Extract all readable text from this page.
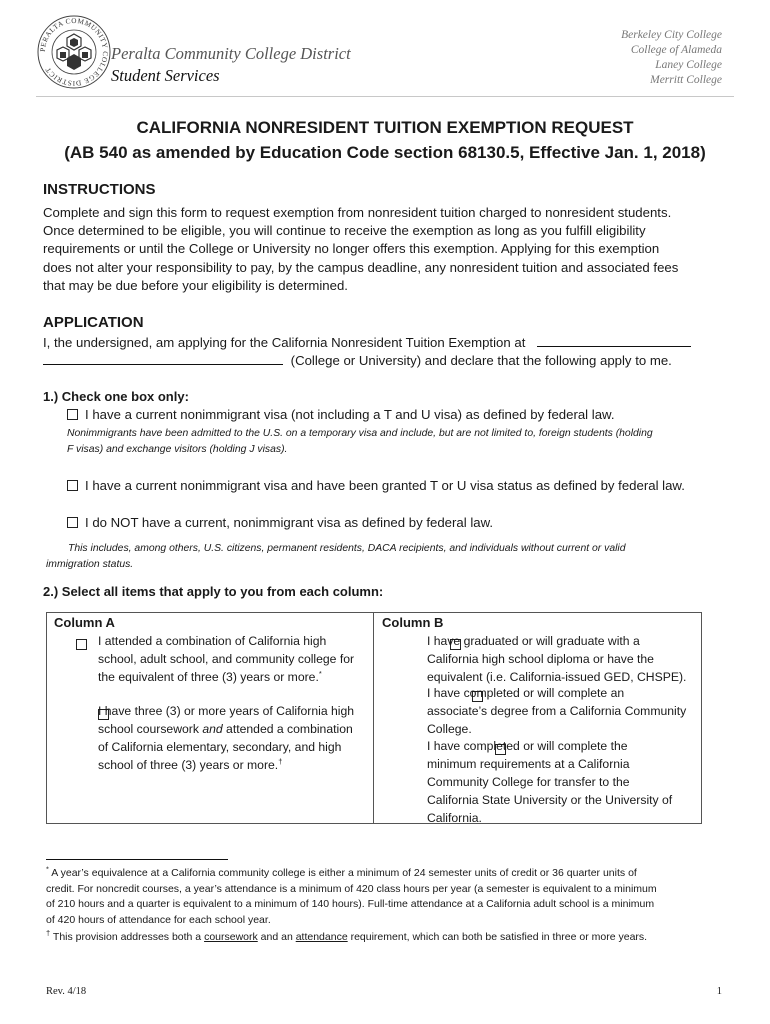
PERALTA COMMUNITY COLLEGE DISTRICT
Peralta Community College District
Student Services
Berkeley City College
College of Alameda
Laney College
Merritt College
CALIFORNIA NONRESIDENT TUITION EXEMPTION REQUEST
(AB 540 as amended by Education Code section 68130.5, Effective Jan. 1, 2018)
INSTRUCTIONS
Complete and sign this form to request exemption from nonresident tuition charged to nonresident students.
Once determined to be eligible, you will continue to receive the exemption as long as you fulfill eligibility
requirements or until the College or University no longer offers this exemption. Applying for this exemption
does not alter your responsibility to pay, by the campus deadline, any nonresident tuition and associated fees
that may be due before your eligibility is determined.
APPLICATION
I, the undersigned, am applying for the California Nonresident Tuition Exemption at
(College or University) and declare that the following apply to me.
1.) Check one box only:
I have a current nonimmigrant visa (not including a T and U visa) as defined by federal law.
Nonimmigrants have been admitted to the U.S. on a temporary visa and include, but are not limited to, foreign students (holding
F visas) and exchange visitors (holding J visas).
I have a current nonimmigrant visa and have been granted T or U visa status as defined by federal law.
I do NOT have a current, nonimmigrant visa as defined by federal law.
This includes, among others, U.S. citizens, permanent residents, DACA recipients, and individuals without current or valid
immigration status.
2.) Select all items that apply to you from each column:
Column A

I attended a combination of California high
school, adult school, and community college for
the equivalent of three (3) years or more.*

I have three (3) or more years of California high
school coursework and attended a combination
of California elementary, secondary, and high
school of three (3) years or more.†
Column B

I have graduated or will graduate with a
California high school diploma or have the
equivalent (i.e. California-issued GED, CHSPE).

I have completed or will complete an
associate’s degree from a California Community
College.
I have completed or will complete the
minimum requirements at a California
Community College for transfer to the
California State University or the University of
California.
* A year’s equivalence at a California community college is either a minimum of 24 semester units of credit or 36 quarter units of
credit. For noncredit courses, a year’s attendance is a minimum of 420 class hours per year (a semester is equivalent to a minimum
of 210 hours and a quarter is equivalent to a minimum of 140 hours). Full-time attendance at a California adult school is a minimum
of 420 hours of attendance for each school year.
† This provision addresses both a coursework and an attendance requirement, which can both be satisfied in three or more years.
Rev. 4/18	1
